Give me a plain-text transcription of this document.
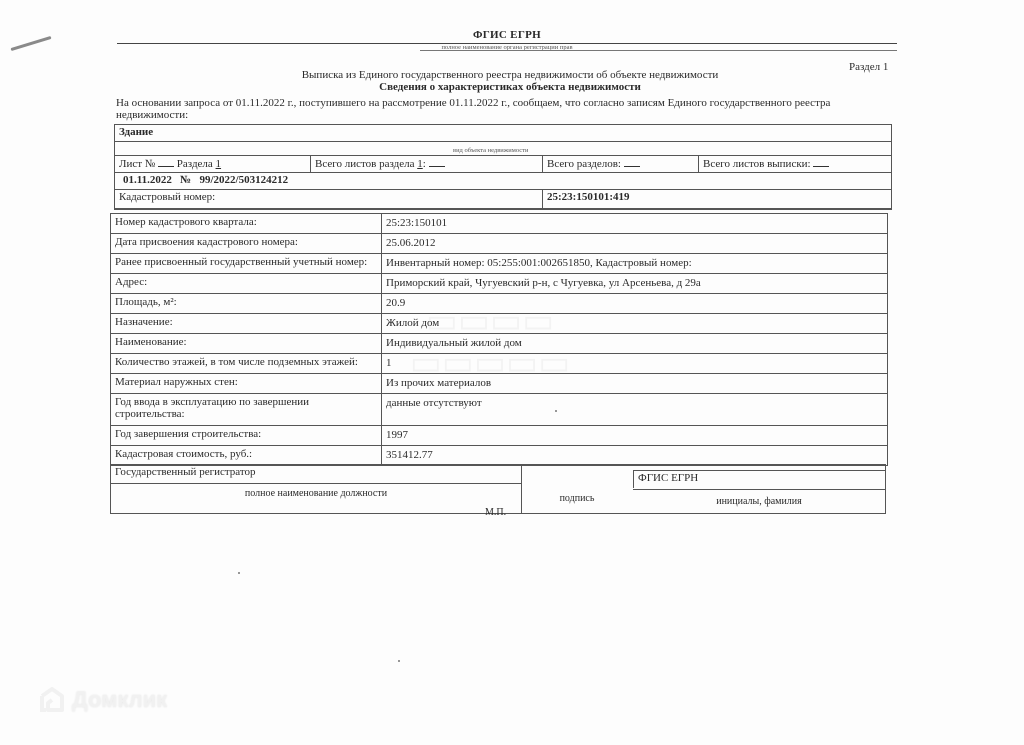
ФГИС ЕГРН
полное наименование органа регистрации прав
Раздел 1
Выписка из Единого государственного реестра недвижимости об объекте недвижимости
Сведения о характеристиках объекта недвижимости
На основании запроса от 01.11.2022 г., поступившего на рассмотрение 01.11.2022 г., сообщаем, что согласно записям Единого государственного реестра недвижимости:

Здание
вид объекта недвижимости
Лист № Раздела 1	Всего листов раздела 1:	Всего разделов:	Всего листов выписки:
01.11.2022 № 99/2022/503124212
Кадастровый номер:	25:23:150101:419
Номер кадастрового квартала:	25:23:150101
Дата присвоения кадастрового номера:	25.06.2012
Ранее присвоенный государственный учетный номер:	Инвентарный номер: 05:255:001:002651850, Кадастровый номер:
Адрес:	Приморский край, Чугуевский р-н, с Чугуевка, ул Арсеньева, д 29а
Площадь, м²:	20.9
Назначение:	Жилой дом
Наименование:	Индивидуальный жилой дом
Количество этажей, в том числе подземных этажей:	1
Материал наружных стен:	Из прочих материалов
Год ввода в эксплуатацию по завершении строительства:
данные отсутствуют
Год завершения строительства:	1997
Кадастровая стоимость, руб.:	351412.77
Государственный регистратор	ФГИС ЕГРН
полное наименование должности	подпись	инициалы, фамилия
М.П.
Домклик
